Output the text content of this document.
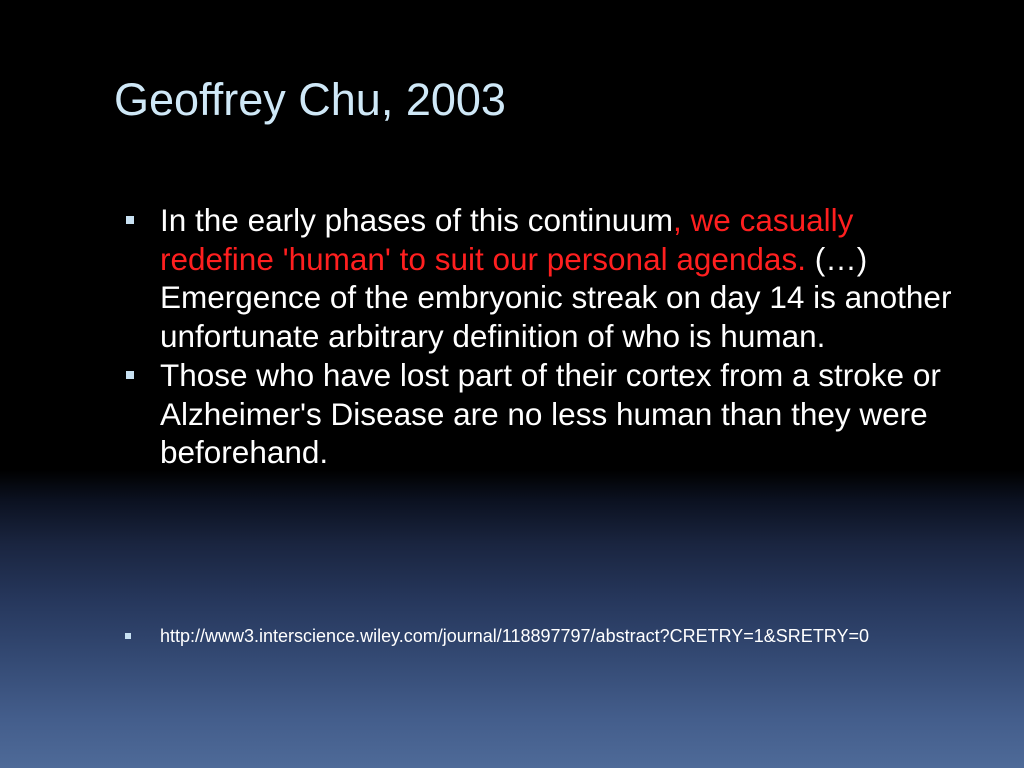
Geoffrey Chu, 2003
In the early phases of this continuum, we casually redefine 'human' to suit our personal agendas. (…) Emergence of the embryonic streak on day 14 is another unfortunate arbitrary definition of who is human.
Those who have lost part of their cortex from a stroke or Alzheimer's Disease are no less human than they were beforehand.

http://www3.interscience.wiley.com/journal/118897797/abstract?CRETRY=1&SRETRY=0
